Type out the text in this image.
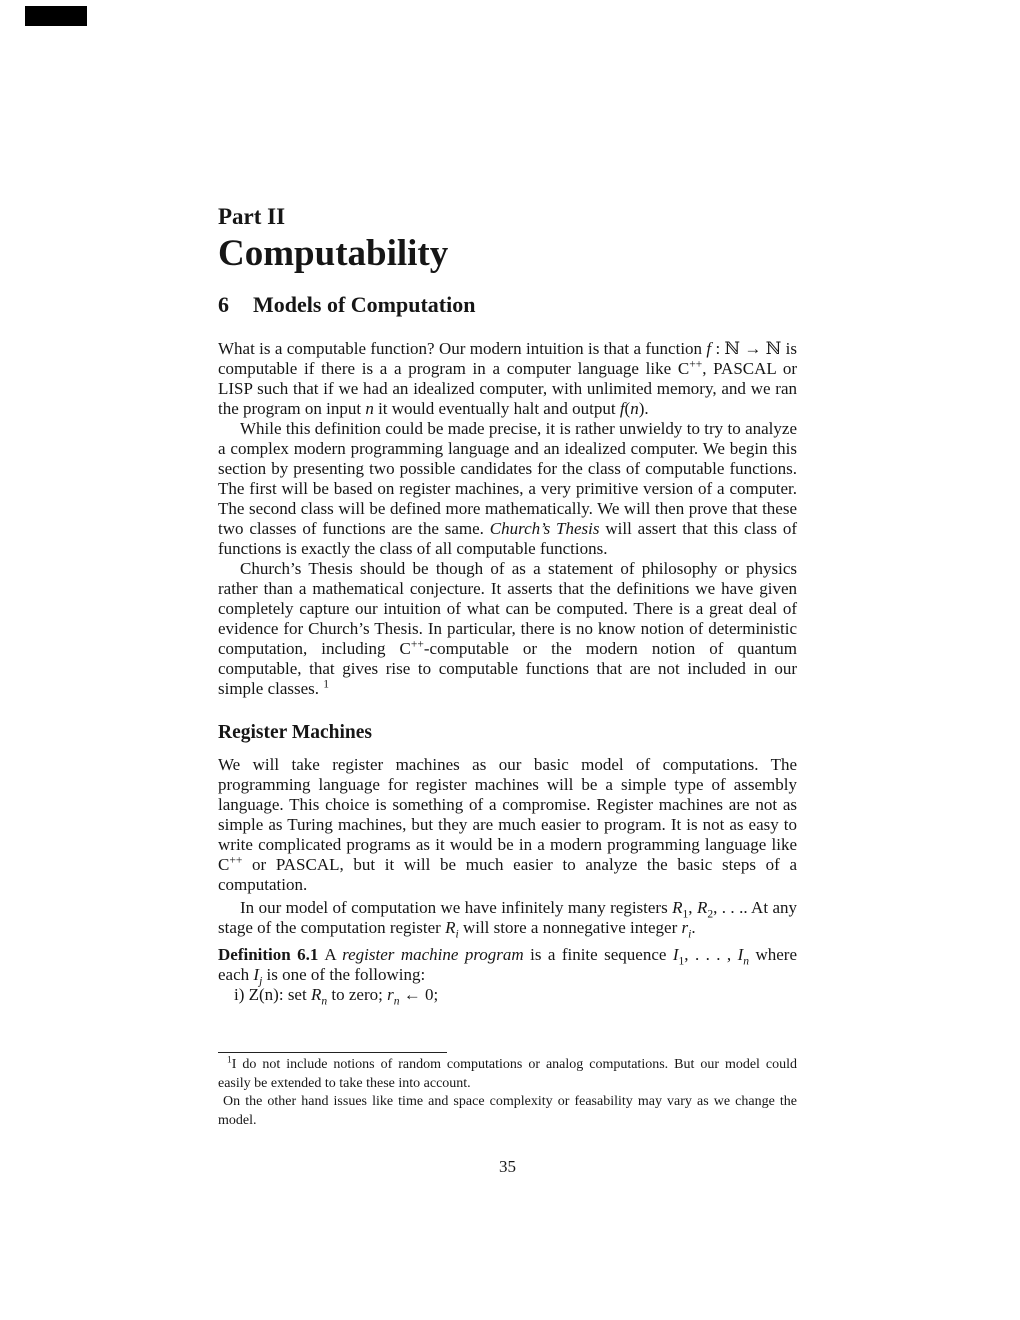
Part II
Computability
6 Models of Computation

What is a computable function? Our modern intuition is that a function f : ℕ → ℕ is computable if there is a a program in a computer language like C++, PASCAL or LISP such that if we had an idealized computer, with unlimited memory, and we ran the program on input n it would eventually halt and output f(n).

While this definition could be made precise, it is rather unwieldy to try to analyze a complex modern programming language and an idealized computer. We begin this section by presenting two possible candidates for the class of computable functions. The first will be based on register machines, a very primitive version of a computer. The second class will be defined more mathematically. We will then prove that these two classes of functions are the same. Church’s Thesis will assert that this class of functions is exactly the class of all computable functions.

Church’s Thesis should be though of as a statement of philosophy or physics rather than a mathematical conjecture. It asserts that the definitions we have given completely capture our intuition of what can be computed. There is a great deal of evidence for Church’s Thesis. In particular, there is no know notion of deterministic computation, including C++-computable or the modern notion of quantum computable, that gives rise to computable functions that are not included in our simple classes. $^1$

Register Machines

We will take register machines as our basic model of computations. The programming language for register machines will be a simple type of assembly language. This choice is something of a compromise. Register machines are not as simple as Turing machines, but they are much easier to program. It is not as easy to write complicated programs as it would be in a modern programming language like C++ or PASCAL, but it will be much easier to analyze the basic steps of a computation.

In our model of computation we have infinitely many registers $R_1$, $R_2$, . . .. At any stage of the computation register $R_i$ will store a nonnegative integer $r_i$.

Definition 6.1 A register machine program is a finite sequence $I_1$, . . . , $I_n$ where each $I_j$ is one of the following:

i) Z(n): set $R_n$ to zero; $r_n$ ← 0;

$^1$I do not include notions of random computations or analog computations. But our model could easily be extended to take these into account.

On the other hand issues like time and space complexity or feasability may vary as we change the model.

35
